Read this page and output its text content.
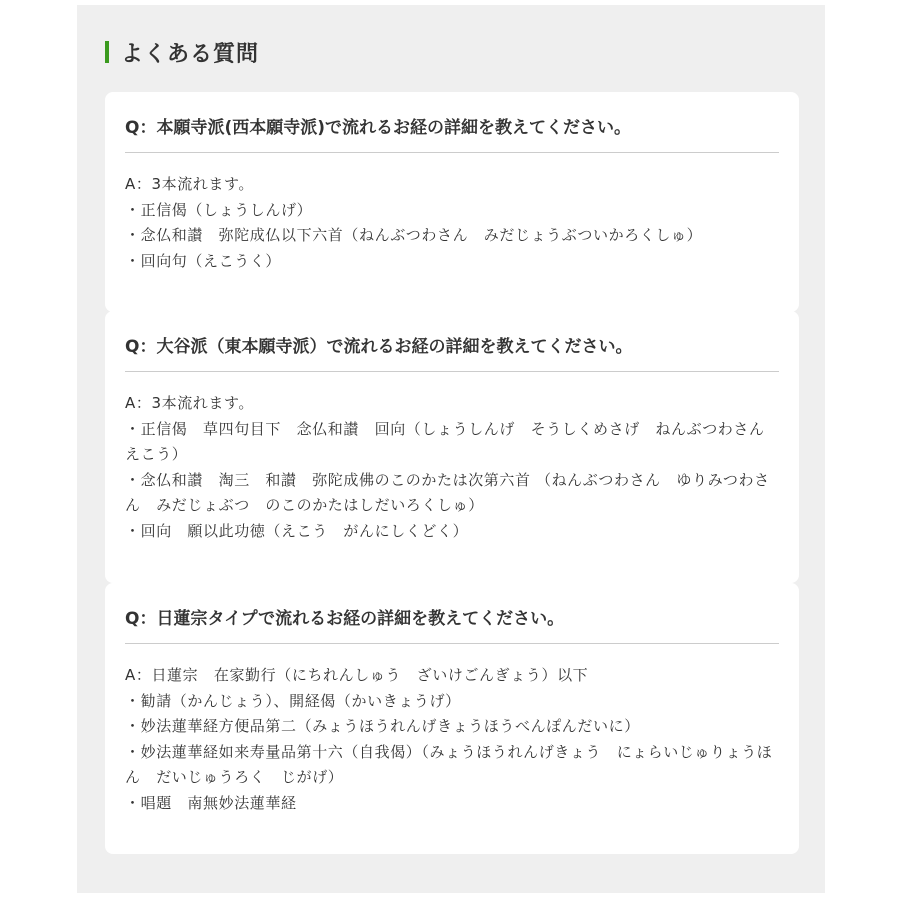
よくある質問
Q：本願寺派(西本願寺派)で流れるお経の詳細を教えてください。
A：3本流れます。
・正信偈（しょうしんげ）
・念仏和讃　弥陀成仏以下六首（ねんぶつわさん　みだじょうぶついかろくしゅ）
・回向句（えこうく）
Q：大谷派（東本願寺派）で流れるお経の詳細を教えてください。
A：3本流れます。
・正信偈　草四句目下　念仏和讃　回向（しょうしんげ　そうしくめさげ　ねんぶつわさん　えこう）
・念仏和讃　淘三　和讃　弥陀成佛のこのかたは次第六首 （ねんぶつわさん　ゆりみつわさん　みだじょぶつ　のこのかたはしだいろくしゅ）
・回向　願以此功徳（えこう　がんにしくどく）
Q：日蓮宗タイプで流れるお経の詳細を教えてください。
A：日蓮宗　在家勤行（にちれんしゅう　ざいけごんぎょう）以下
・勧請（かんじょう）、開経偈（かいきょうげ）
・妙法蓮華経方便品第二（みょうほうれんげきょうほうべんぽんだいに）
・妙法蓮華経如来寿量品第十六（自我偈）（みょうほうれんげきょう　にょらいじゅりょうほん　だいじゅうろく　じがげ）
・唱題　南無妙法蓮華経
